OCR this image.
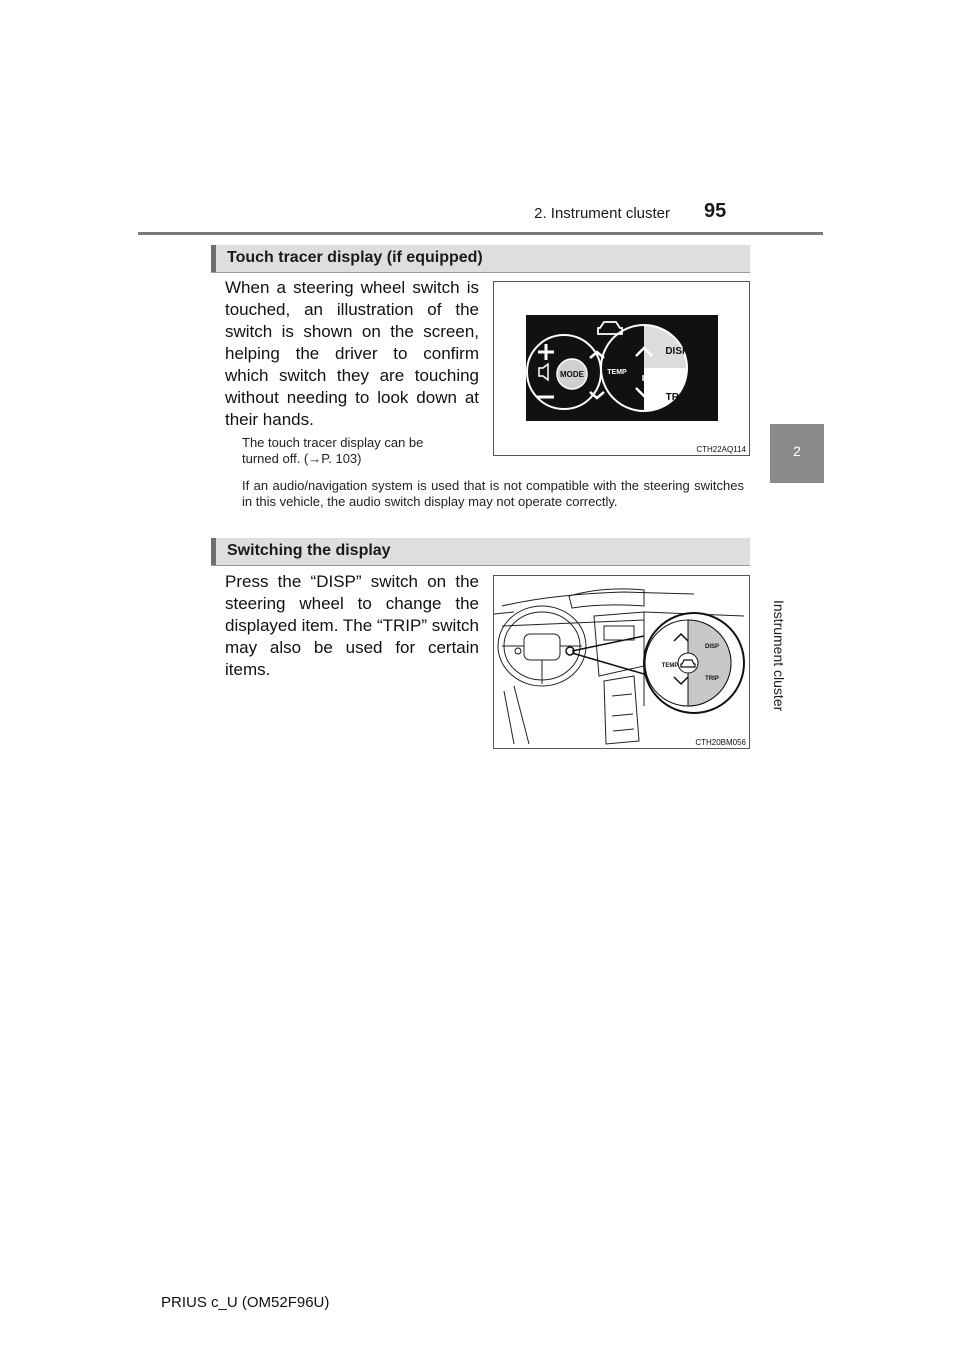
2. Instrument cluster 95
2
Instrument cluster
Touch tracer display (if equipped)
When a steering wheel switch is touched, an illustration of the switch is shown on the screen, helping the driver to confirm which switch they are touching without needing to look down at their hands.
The touch tracer display can be
turned off. (→P. 103)
If an audio/navigation system is used that is not compatible with the steering switches in this vehicle, the audio switch display may not operate correctly.
MODE	TEMP
DISP
TRIP
CTH22AQ114
Switching the display
Press the “DISP” switch on the steering wheel to change the displayed item. The “TRIP” switch may also be used for certain items.	TEMP
DISP
TRIP
CTH20BM056
PRIUS c_U (OM52F96U)
